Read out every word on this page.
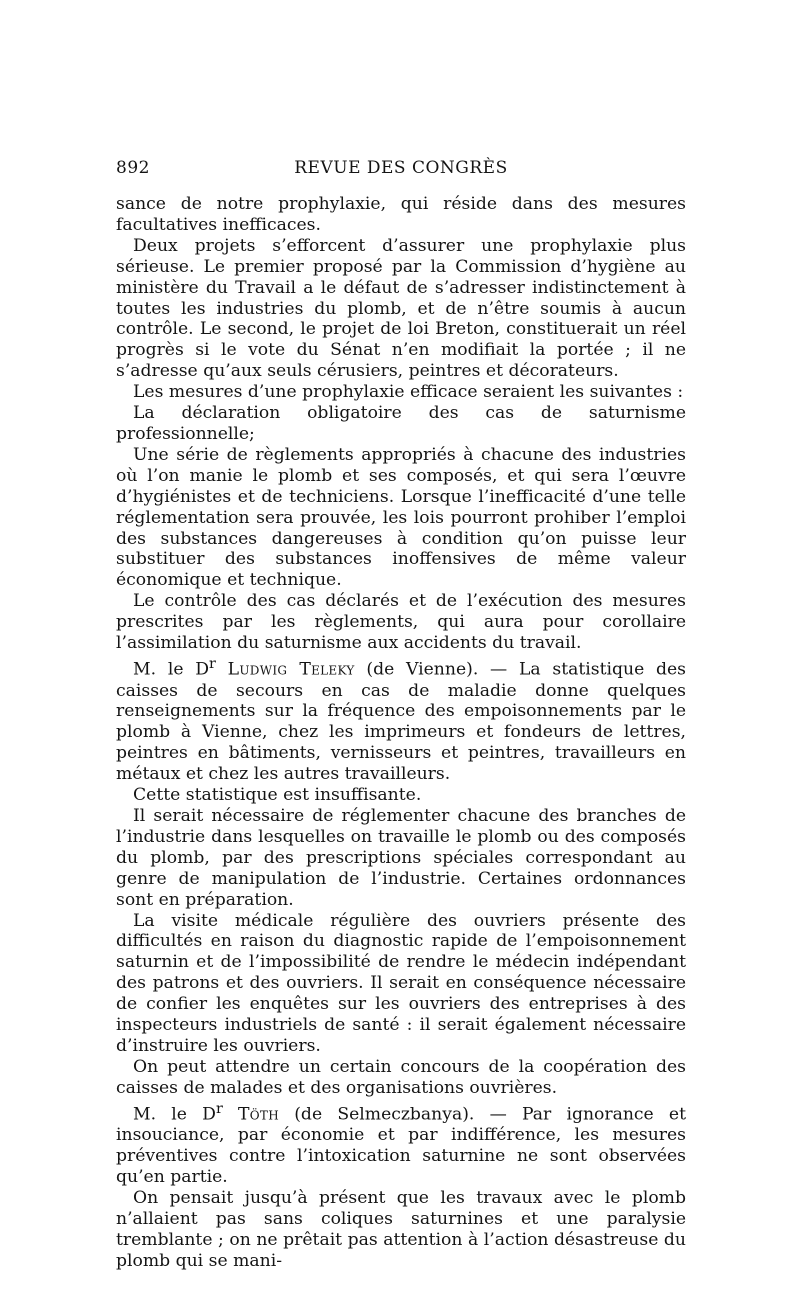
892	REVUE DES CONGRÈS

sance de notre prophylaxie, qui réside dans des mesures facultatives inefficaces.

Deux projets s’efforcent d’assurer une prophylaxie plus sérieuse. Le premier proposé par la Commission d’hygiène au ministère du Travail a le défaut de s’adresser indistinctement à toutes les industries du plomb, et de n’être soumis à aucun contrôle. Le second, le projet de loi Breton, constituerait un réel progrès si le vote du Sénat n’en modifiait la portée ; il ne s’adresse qu’aux seuls cérusiers, peintres et décorateurs.

Les mesures d’une prophylaxie efficace seraient les suivantes :

La déclaration obligatoire des cas de saturnisme professionnelle;

Une série de règlements appropriés à chacune des industries où l’on manie le plomb et ses composés, et qui sera l’œuvre d’hygiénistes et de techniciens. Lorsque l’inefficacité d’une telle réglementation sera prouvée, les lois pourront prohiber l’emploi des substances dangereuses à condition qu’on puisse leur substituer des substances inoffensives de même valeur économique et technique.

Le contrôle des cas déclarés et de l’exécution des mesures prescrites par les règlements, qui aura pour corollaire l’assimilation du saturnisme aux accidents du travail.

M. le $D^r$ Ludwig Teleky (de Vienne). — La statistique des caisses de secours en cas de maladie donne quelques renseignements sur la fréquence des empoisonnements par le plomb à Vienne, chez les imprimeurs et fondeurs de lettres, peintres en bâtiments, vernisseurs et peintres, travailleurs en métaux et chez les autres travailleurs.

Cette statistique est insuffisante.

Il serait nécessaire de réglementer chacune des branches de l’industrie dans lesquelles on travaille le plomb ou des composés du plomb, par des prescriptions spéciales correspondant au genre de manipulation de l’industrie. Certaines ordonnances sont en préparation.

La visite médicale régulière des ouvriers présente des difficultés en raison du diagnostic rapide de l’empoisonnement saturnin et de l’impossibilité de rendre le médecin indépendant des patrons et des ouvriers. Il serait en conséquence nécessaire de confier les enquêtes sur les ouvriers des entreprises à des inspecteurs industriels de santé : il serait également nécessaire d’instruire les ouvriers.

On peut attendre un certain concours de la coopération des caisses de malades et des organisations ouvrières.

M. le $D^r$ Töth (de Selmeczbanya). — Par ignorance et insouciance, par économie et par indifférence, les mesures préventives contre l’intoxication saturnine ne sont observées qu’en partie.

On pensait jusqu’à présent que les travaux avec le plomb n’allaient pas sans coliques saturnines et une paralysie tremblante ; on ne prêtait pas attention à l’action désastreuse du plomb qui se mani-
